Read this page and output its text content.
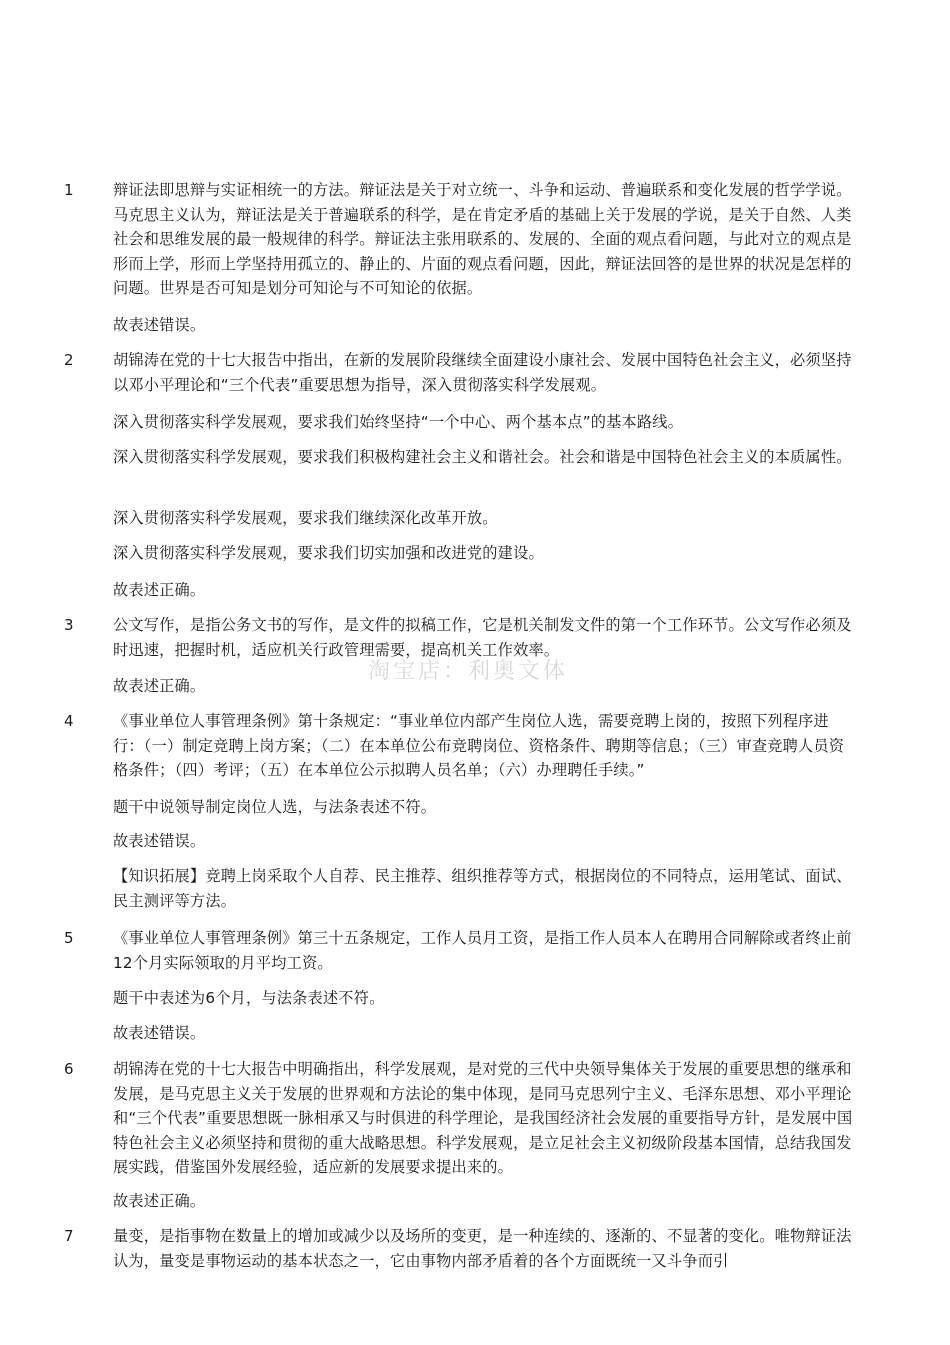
1	辩证法即思辩与实证相统一的方法。辩证法是关于对立统一、斗争和运动、普遍联系和变化发展的哲学学说。马克思主义认为，辩证法是关于普遍联系的科学，是在肯定矛盾的基础上关于发展的学说，是关于自然、人类社会和思维发展的最一般规律的科学。辩证法主张用联系的、发展的、全面的观点看问题，与此对立的观点是形而上学，形而上学坚持用孤立的、静止的、片面的观点看问题，因此，辩证法回答的是世界的状况是怎样的问题。世界是否可知是划分可知论与不可知论的依据。

故表述错误。

2	胡锦涛在党的十七大报告中指出，在新的发展阶段继续全面建设小康社会、发展中国特色社会主义，必须坚持以邓小平理论和“三个代表”重要思想为指导，深入贯彻落实科学发展观。

深入贯彻落实科学发展观，要求我们始终坚持“一个中心、两个基本点”的基本路线。

深入贯彻落实科学发展观，要求我们积极构建社会主义和谐社会。社会和谐是中国特色社会主义的本质属性。

深入贯彻落实科学发展观，要求我们继续深化改革开放。

深入贯彻落实科学发展观，要求我们切实加强和改进党的建设。

故表述正确。

3	公文写作，是指公务文书的写作，是文件的拟稿工作，它是机关制发文件的第一个工作环节。公文写作必须及时迅速，把握时机，适应机关行政管理需要，提高机关工作效率。

故表述正确。

4	《事业单位人事管理条例》第十条规定：“事业单位内部产生岗位人选，需要竞聘上岗的，按照下列程序进行：（一）制定竞聘上岗方案；（二）在本单位公布竞聘岗位、资格条件、聘期等信息；（三）审查竞聘人员资格条件；（四）考评；（五）在本单位公示拟聘人员名单；（六）办理聘任手续。”

题干中说领导制定岗位人选，与法条表述不符。

故表述错误。

【知识拓展】竞聘上岗采取个人自荐、民主推荐、组织推荐等方式，根据岗位的不同特点，运用笔试、面试、民主测评等方法。

5	《事业单位人事管理条例》第三十五条规定，工作人员月工资，是指工作人员本人在聘用合同解除或者终止前12个月实际领取的月平均工资。

题干中表述为6个月，与法条表述不符。

故表述错误。

6	胡锦涛在党的十七大报告中明确指出，科学发展观，是对党的三代中央领导集体关于发展的重要思想的继承和发展，是马克思主义关于发展的世界观和方法论的集中体现，是同马克思列宁主义、毛泽东思想、邓小平理论和“三个代表”重要思想既一脉相承又与时俱进的科学理论，是我国经济社会发展的重要指导方针，是发展中国特色社会主义必须坚持和贯彻的重大战略思想。科学发展观，是立足社会主义初级阶段基本国情，总结我国发展实践，借鉴国外发展经验，适应新的发展要求提出来的。

故表述正确。

7	量变，是指事物在数量上的增加或减少以及场所的变更，是一种连续的、逐渐的、不显著的变化。唯物辩证法认为，量变是事物运动的基本状态之一，它由事物内部矛盾着的各个方面既统一又斗争而引

淘宝店：利奥文体
